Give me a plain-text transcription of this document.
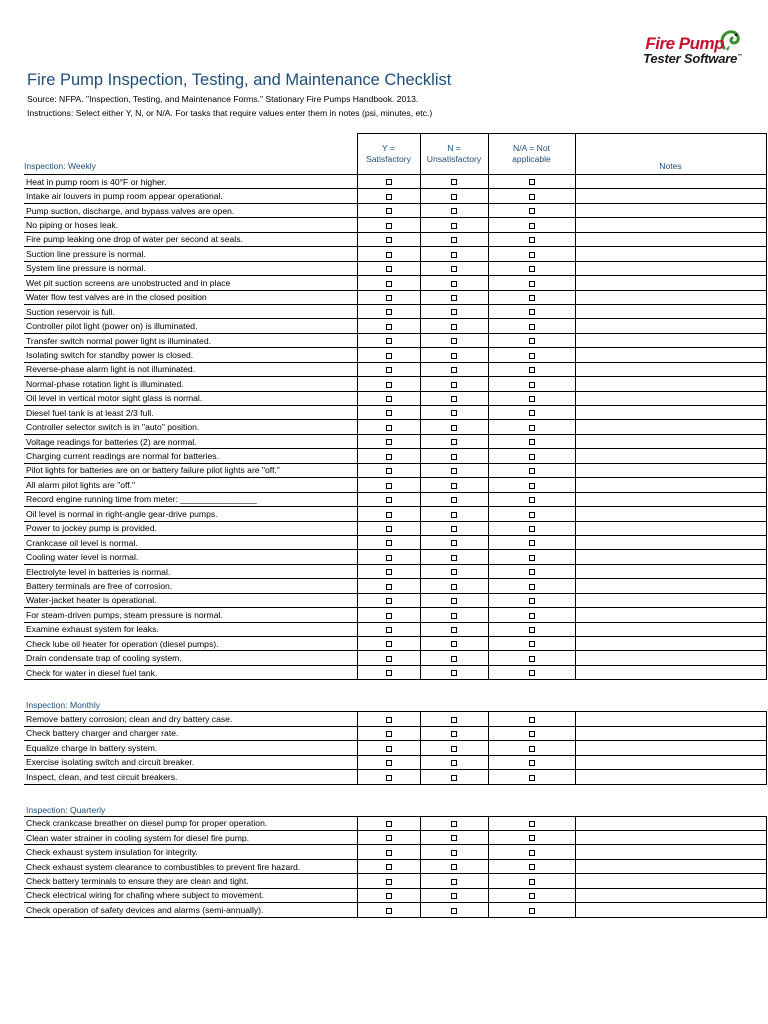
Fire Pump
Tester Software™
Fire Pump Inspection, Testing, and Maintenance Checklist
Source: NFPA. "Inspection, Testing, and Maintenance Forms." Stationary Fire Pumps Handbook. 2013.
Instructions: Select either Y, N, or N/A. For tasks that require values enter them in notes (psi, minutes, etc.)
Inspection: Weekly	Y = Satisfactory	N = Unsatisfactory	N/A = Not applicable	Notes

Heat in pump room is 40°F or higher.				
Intake air louvers in pump room appear operational.				
Pump suction, discharge, and bypass valves are open.				
No piping or hoses leak.				
Fire pump leaking one drop of water per second at seals.				
Suction line pressure is normal.				
System line pressure is normal.				
Wet pit suction screens are unobstructed and in place				
Water flow test valves are in the closed position				
Suction reservoir is full.				
Controller pilot light (power on) is illuminated.				
Transfer switch normal power light is illuminated.				
Isolating switch for standby power is closed.				
Reverse-phase alarm light is not illuminated.				
Normal-phase rotation light is illuminated.				
Oil level in vertical motor sight glass is normal.				
Diesel fuel tank is at least 2/3 full.				
Controller selector switch is in "auto" position.				
Voltage readings for batteries (2) are normal.				
Charging current readings are normal for batteries.				
Pilot lights for batteries are on or battery failure pilot lights are "off."				
All alarm pilot lights are "off."				
Record engine running time from meter: ________________				
Oil level is normal in right-angle gear-drive pumps.				
Power to jockey pump is provided.				
Crankcase oil level is normal.				
Cooling water level is normal.				
Electrolyte level in batteries is normal.				
Battery terminals are free of corrosion.				
Water-jacket heater is operational.				
For steam-driven pumps, steam pressure is normal.				
Examine exhaust system for leaks.				
Check lube oil heater for operation (diesel pumps).				
Drain condensate trap of cooling system.				
Check for water in diesel fuel tank.				

Inspection: Monthly				
Remove battery corrosion; clean and dry battery case.				
Check battery charger and charger rate.				
Equalize charge in battery system.				
Exercise isolating switch and circuit breaker.				
Inspect, clean, and test circuit breakers.				

Inspection: Quarterly				
Check crankcase breather on diesel pump for proper operation.				
Clean water strainer in cooling system for diesel fire pump.				
Check exhaust system insulation for integrity.				
Check exhaust system clearance to combustibles to prevent fire hazard.				
Check battery terminals to ensure they are clean and tight.				
Check electrical wiring for chafing where subject to movement.				
Check operation of safety devices and alarms (semi-annually).				
